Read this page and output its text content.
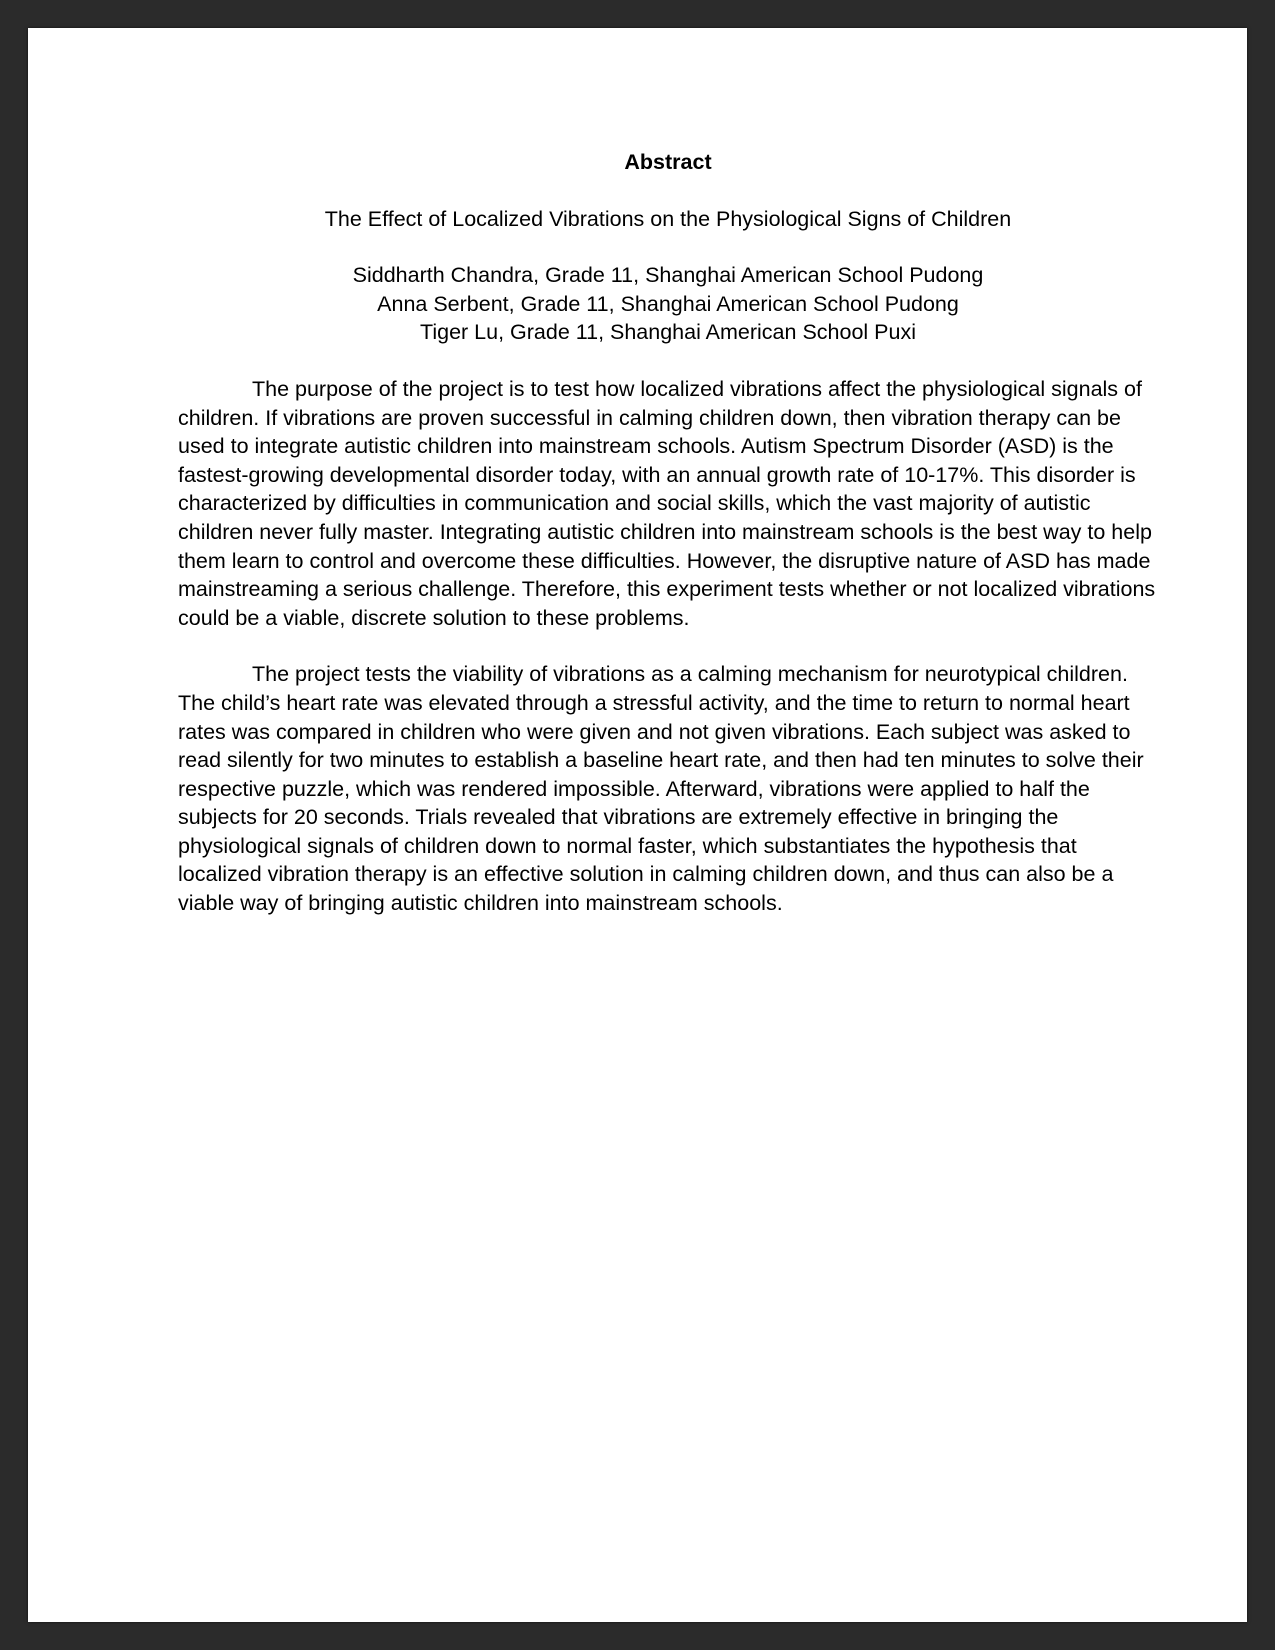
Abstract

The Effect of Localized Vibrations on the Physiological Signs of Children

Siddharth Chandra, Grade 11, Shanghai American School Pudong
Anna Serbent, Grade 11, Shanghai American School Pudong
Tiger Lu, Grade 11, Shanghai American School Puxi

The purpose of the project is to test how localized vibrations affect the physiological signals of children. If vibrations are proven successful in calming children down, then vibration therapy can be used to integrate autistic children into mainstream schools. Autism Spectrum Disorder (ASD) is the fastest-growing developmental disorder today, with an annual growth rate of 10-17%. This disorder is characterized by difficulties in communication and social skills, which the vast majority of autistic children never fully master. Integrating autistic children into mainstream schools is the best way to help them learn to control and overcome these difficulties. However, the disruptive nature of ASD has made mainstreaming a serious challenge. Therefore, this experiment tests whether or not localized vibrations could be a viable, discrete solution to these problems.

The project tests the viability of vibrations as a calming mechanism for neurotypical children. The child’s heart rate was elevated through a stressful activity, and the time to return to normal heart rates was compared in children who were given and not given vibrations. Each subject was asked to read silently for two minutes to establish a baseline heart rate, and then had ten minutes to solve their respective puzzle, which was rendered impossible. Afterward, vibrations were applied to half the subjects for 20 seconds. Trials revealed that vibrations are extremely effective in bringing the physiological signals of children down to normal faster, which substantiates the hypothesis that localized vibration therapy is an effective solution in calming children down, and thus can also be a viable way of bringing autistic children into mainstream schools.
